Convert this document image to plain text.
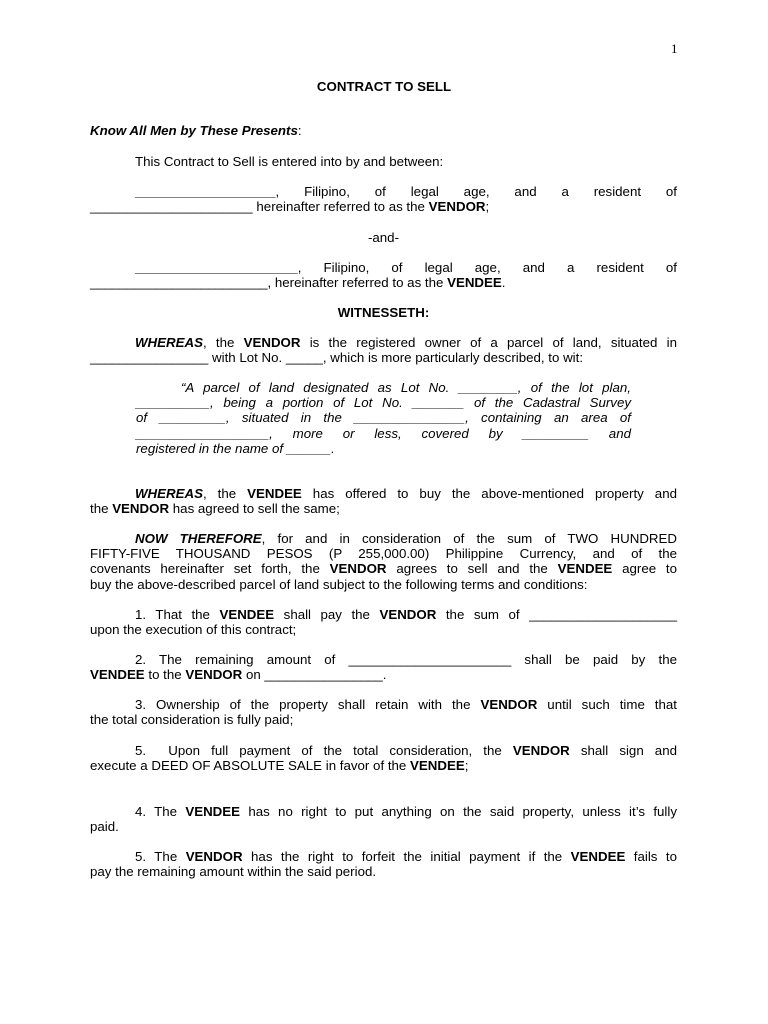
1
CONTRACT TO SELL
Know All Men by These Presents:
This Contract to Sell is entered into by and between:
___________________, Filipino, of legal age, and a resident of
______________________ hereinafter referred to as the VENDOR;
-and-
______________________, Filipino, of legal age, and a resident of
________________________, hereinafter referred to as the VENDEE.
WITNESSETH:
WHEREAS, the VENDOR is the registered owner of a parcel of land, situated in
________________ with Lot No. _____, which is more particularly described, to wit:
“A parcel of land designated as Lot No. ________, of the lot plan,
__________, being a portion of Lot No. _______ of the Cadastral Survey
of _________, situated in the _______________, containing an area of
__________________, more or less, covered by _________ and
registered in the name of ______.
WHEREAS, the VENDEE has offered to buy the above-mentioned property and
the VENDOR has agreed to sell the same;
NOW THEREFORE, for and in consideration of the sum of TWO HUNDRED
FIFTY-FIVE THOUSAND PESOS (P 255,000.00) Philippine Currency, and of the
covenants hereinafter set forth, the VENDOR agrees to sell and the VENDEE agree to
buy the above-described parcel of land subject to the following terms and conditions:
1. That the VENDEE shall pay the VENDOR the sum of ____________________
upon the execution of this contract;
2. The remaining amount of ______________________ shall be paid by the
VENDEE to the VENDOR on ________________.
3. Ownership of the property shall retain with the VENDOR until such time that
the total consideration is fully paid;
5.  Upon full payment of the total consideration, the VENDOR shall sign and
execute a DEED OF ABSOLUTE SALE in favor of the VENDEE;
4. The VENDEE has no right to put anything on the said property, unless it’s fully
paid.
5. The VENDOR has the right to forfeit the initial payment if the VENDEE fails to
pay the remaining amount within the said period.
